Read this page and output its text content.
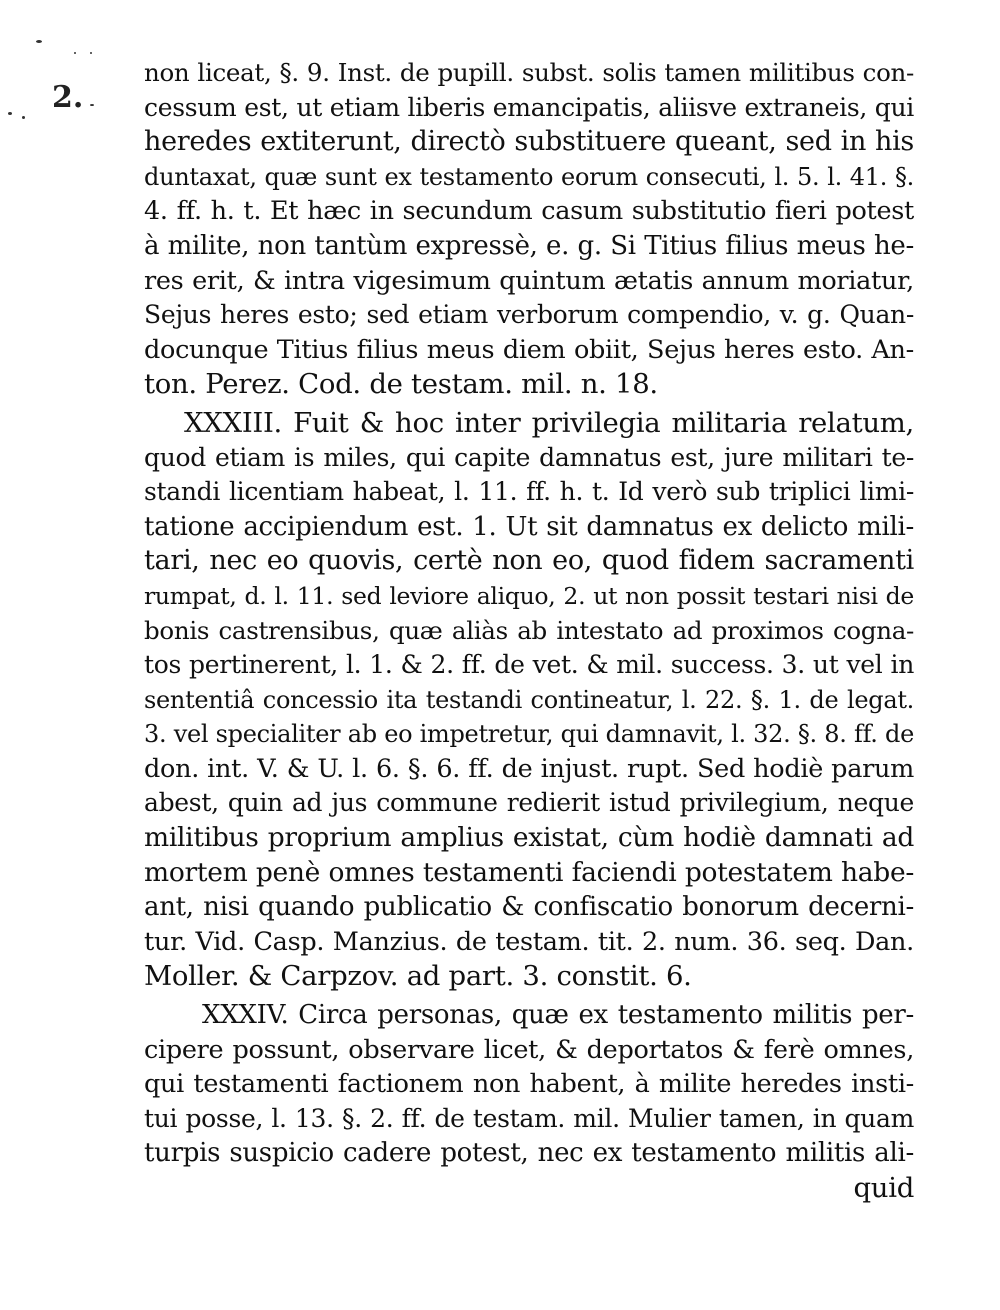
2.
non liceat, §. 9. Inst. de pupill. subst. solis tamen militibus con-
cessum est, ut etiam liberis emancipatis, aliisve extraneis, qui
heredes extiterunt, directò substituere queant, sed in his
duntaxat, quæ sunt ex testamento eorum consecuti, l. 5. l. 41. §.
4. ff. h. t. Et hæc in secundum casum substitutio fieri potest
à milite, non tantùm expressè, e. g. Si Titius filius meus he-
res erit, & intra vigesimum quintum ætatis annum moriatur,
Sejus heres esto; sed etiam verborum compendio, v. g. Quan-
docunque Titius filius meus diem obiit, Sejus heres esto. An-
ton. Perez. Cod. de testam. mil. n. 18.
XXXIII. Fuit & hoc inter privilegia militaria relatum,
quod etiam is miles, qui capite damnatus est, jure militari te-
standi licentiam habeat, l. 11. ff. h. t. Id verò sub triplici limi-
tatione accipiendum est. 1. Ut sit damnatus ex delicto mili-
tari, nec eo quovis, certè non eo, quod fidem sacramenti
rumpat, d. l. 11. sed leviore aliquo, 2. ut non possit testari nisi de
bonis castrensibus, quæ aliàs ab intestato ad proximos cogna-
tos pertinerent, l. 1. & 2. ff. de vet. & mil. success. 3. ut vel in
sententiâ concessio ita testandi contineatur, l. 22. §. 1. de legat.
3. vel specialiter ab eo impetretur, qui damnavit, l. 32. §. 8. ff. de
don. int. V. & U. l. 6. §. 6. ff. de injust. rupt. Sed hodiè parum
abest, quin ad jus commune redierit istud privilegium, neque
militibus proprium amplius existat, cùm hodiè damnati ad
mortem penè omnes testamenti faciendi potestatem habe-
ant, nisi quando publicatio & confiscatio bonorum decerni-
tur. Vid. Casp. Manzius. de testam. tit. 2. num. 36. seq. Dan.
Moller. & Carpzov. ad part. 3. constit. 6.
XXXIV. Circa personas, quæ ex testamento militis per-
cipere possunt, observare licet, & deportatos & ferè omnes,
qui testamenti factionem non habent, à milite heredes insti-
tui posse, l. 13. §. 2. ff. de testam. mil. Mulier tamen, in quam
turpis suspicio cadere potest, nec ex testamento militis ali-
quid
